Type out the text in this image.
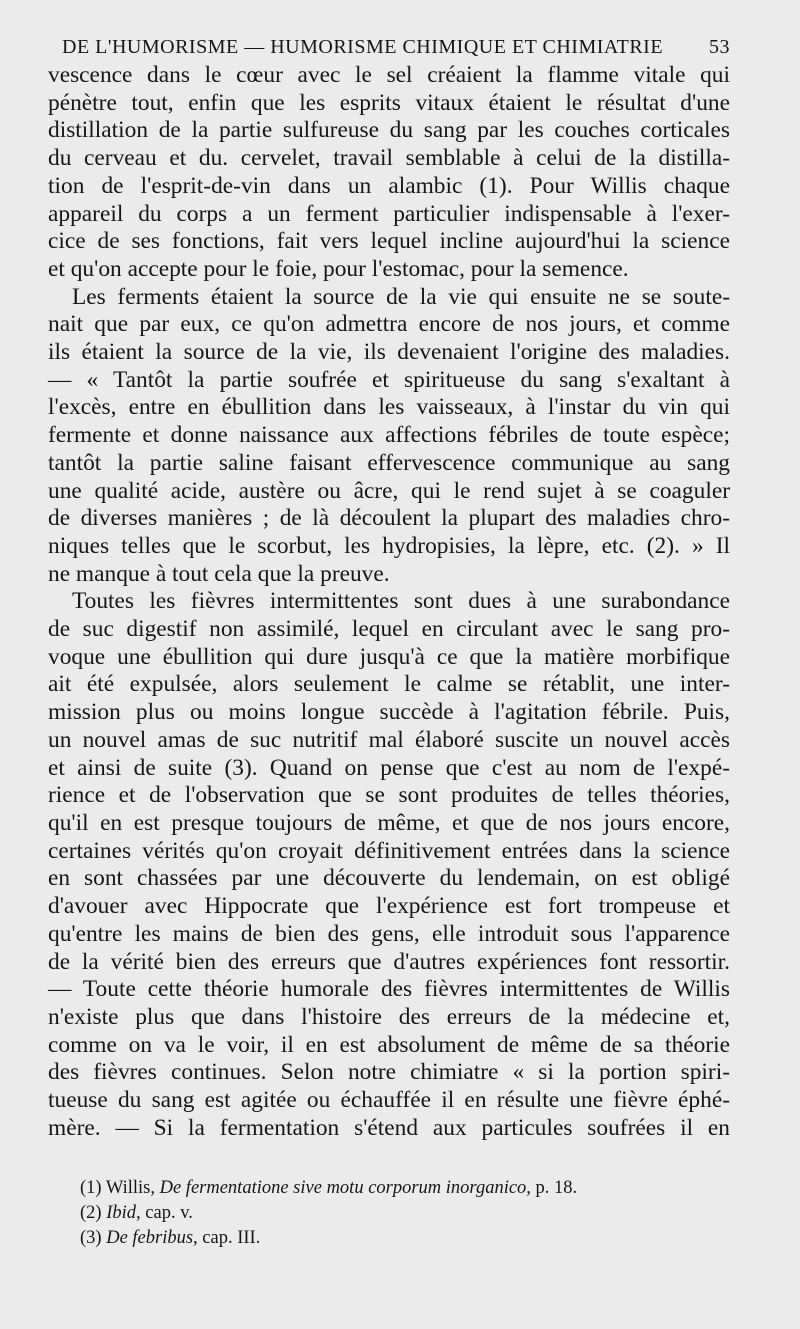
DE L'HUMORISME — HUMORISME CHIMIQUE ET CHIMIATRIE 53

vescence dans le cœur avec le sel créaient la flamme vitale qui
pénètre tout, enfin que les esprits vitaux étaient le résultat d'une
distillation de la partie sulfureuse du sang par les couches corticales
du cerveau et du. cervelet, travail semblable à celui de la distilla-
tion de l'esprit-de-vin dans un alambic (1). Pour Willis chaque
appareil du corps a un ferment particulier indispensable à l'exer-
cice de ses fonctions, fait vers lequel incline aujourd'hui la science
et qu'on accepte pour le foie, pour l'estomac, pour la semence.

Les ferments étaient la source de la vie qui ensuite ne se soute-
nait que par eux, ce qu'on admettra encore de nos jours, et comme
ils étaient la source de la vie, ils devenaient l'origine des maladies.
— « Tantôt la partie soufrée et spiritueuse du sang s'exaltant à
l'excès, entre en ébullition dans les vaisseaux, à l'instar du vin qui
fermente et donne naissance aux affections fébriles de toute espèce;
tantôt la partie saline faisant effervescence communique au sang
une qualité acide, austère ou âcre, qui le rend sujet à se coaguler
de diverses manières ; de là découlent la plupart des maladies chro-
niques telles que le scorbut, les hydropisies, la lèpre, etc. (2). » Il
ne manque à tout cela que la preuve.

Toutes les fièvres intermittentes sont dues à une surabondance
de suc digestif non assimilé, lequel en circulant avec le sang pro-
voque une ébullition qui dure jusqu'à ce que la matière morbifique
ait été expulsée, alors seulement le calme se rétablit, une inter-
mission plus ou moins longue succède à l'agitation fébrile. Puis,
un nouvel amas de suc nutritif mal élaboré suscite un nouvel accès
et ainsi de suite (3). Quand on pense que c'est au nom de l'expé-
rience et de l'observation que se sont produites de telles théories,
qu'il en est presque toujours de même, et que de nos jours encore,
certaines vérités qu'on croyait définitivement entrées dans la science
en sont chassées par une découverte du lendemain, on est obligé
d'avouer avec Hippocrate que l'expérience est fort trompeuse et
qu'entre les mains de bien des gens, elle introduit sous l'apparence
de la vérité bien des erreurs que d'autres expériences font ressortir.
— Toute cette théorie humorale des fièvres intermittentes de Willis
n'existe plus que dans l'histoire des erreurs de la médecine et,
comme on va le voir, il en est absolument de même de sa théorie
des fièvres continues. Selon notre chimiatre « si la portion spiri-
tueuse du sang est agitée ou échauffée il en résulte une fièvre éphé-
mère. — Si la fermentation s'étend aux particules soufrées il en

(1) Willis, De fermentatione sive motu corporum inorganico, p. 18.
(2) Ibid, cap. v.
(3) De febribus, cap. III.
